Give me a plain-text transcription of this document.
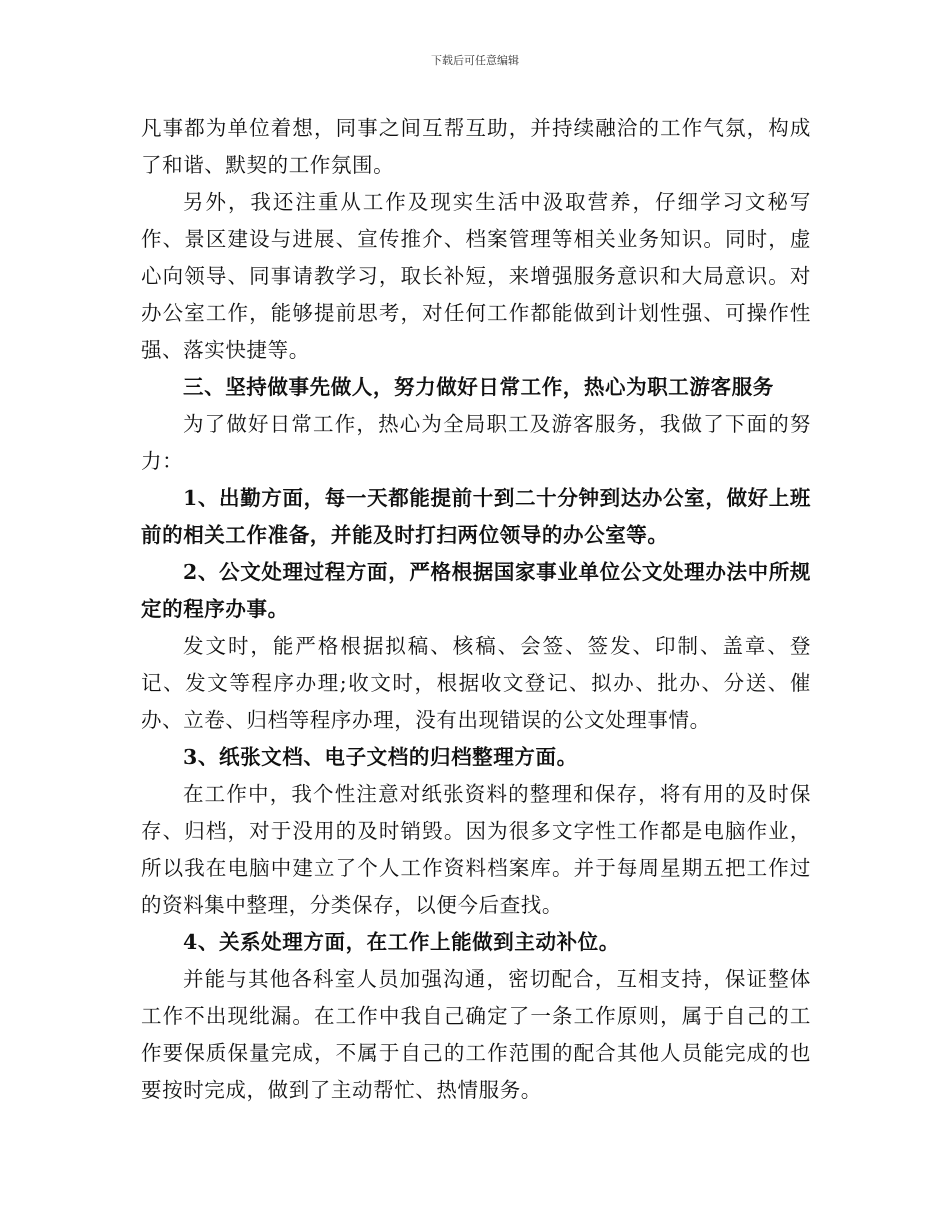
下载后可任意编辑

凡事都为单位着想，同事之间互帮互助，并持续融洽的工作气氛，构成了和谐、默契的工作氛围。

另外，我还注重从工作及现实生活中汲取营养，仔细学习文秘写作、景区建设与进展、宣传推介、档案管理等相关业务知识。同时，虚心向领导、同事请教学习，取长补短，来增强服务意识和大局意识。对办公室工作，能够提前思考，对任何工作都能做到计划性强、可操作性强、落实快捷等。

三、坚持做事先做人，努力做好日常工作，热心为职工游客服务

为了做好日常工作，热心为全局职工及游客服务，我做了下面的努力：

1、出勤方面，每一天都能提前十到二十分钟到达办公室，做好上班前的相关工作准备，并能及时打扫两位领导的办公室等。

2、公文处理过程方面，严格根据国家事业单位公文处理办法中所规定的程序办事。

发文时，能严格根据拟稿、核稿、会签、签发、印制、盖章、登记、发文等程序办理;收文时，根据收文登记、拟办、批办、分送、催办、立卷、归档等程序办理，没有出现错误的公文处理事情。

3、纸张文档、电子文档的归档整理方面。

在工作中，我个性注意对纸张资料的整理和保存，将有用的及时保存、归档，对于没用的及时销毁。因为很多文字性工作都是电脑作业，所以我在电脑中建立了个人工作资料档案库。并于每周星期五把工作过的资料集中整理，分类保存，以便今后查找。

4、关系处理方面，在工作上能做到主动补位。

并能与其他各科室人员加强沟通，密切配合，互相支持，保证整体工作不出现纰漏。在工作中我自己确定了一条工作原则，属于自己的工作要保质保量完成，不属于自己的工作范围的配合其他人员能完成的也要按时完成，做到了主动帮忙、热情服务。
